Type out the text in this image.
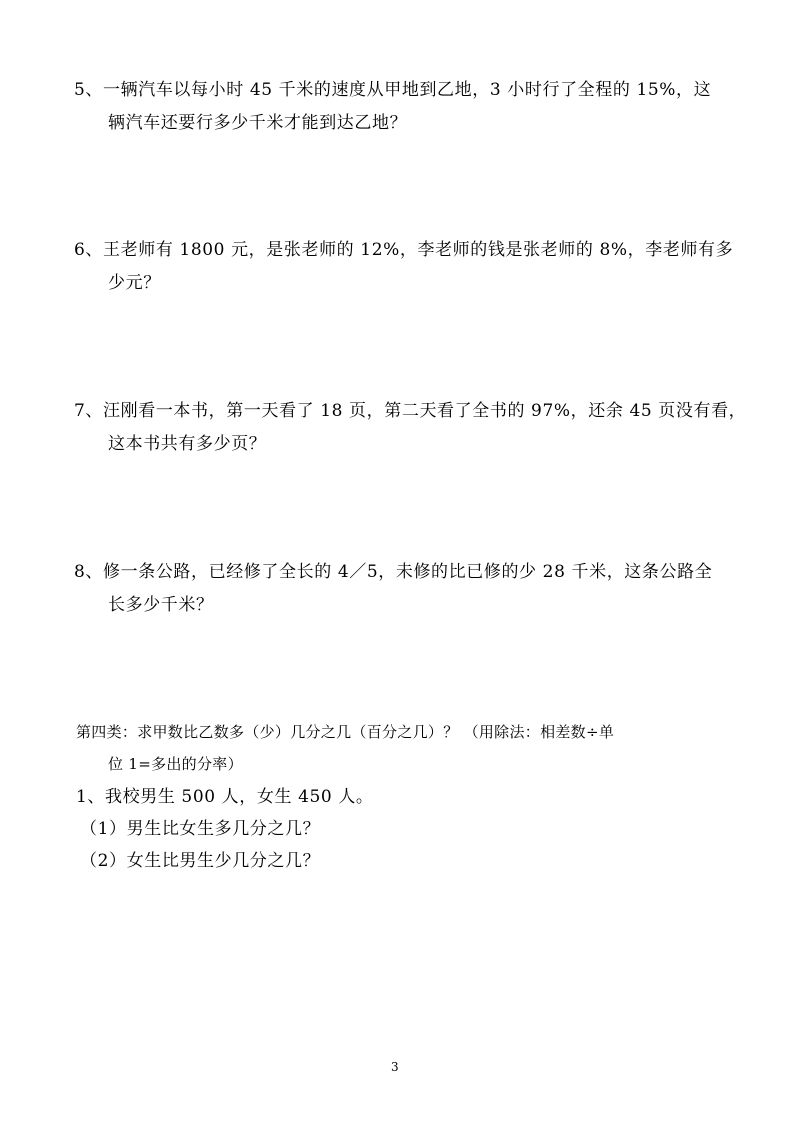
5、一辆汽车以每小时 45 千米的速度从甲地到乙地，3 小时行了全程的 15%，这
辆汽车还要行多少千米才能到达乙地？
6、王老师有 1800 元，是张老师的 12%，李老师的钱是张老师的 8%，李老师有多
少元？
7、汪刚看一本书，第一天看了 18 页，第二天看了全书的 97%，还余 45 页没有看，
这本书共有多少页？
8、修一条公路，已经修了全长的 4／5，未修的比已修的少 28 千米，这条公路全
长多少千米？
第四类：求甲数比乙数多（少）几分之几（百分之几）？ （用除法：相差数÷单
位 1=多出的分率）
1、我校男生 500 人，女生 450 人。
（1）男生比女生多几分之几？
（2）女生比男生少几分之几？
3
